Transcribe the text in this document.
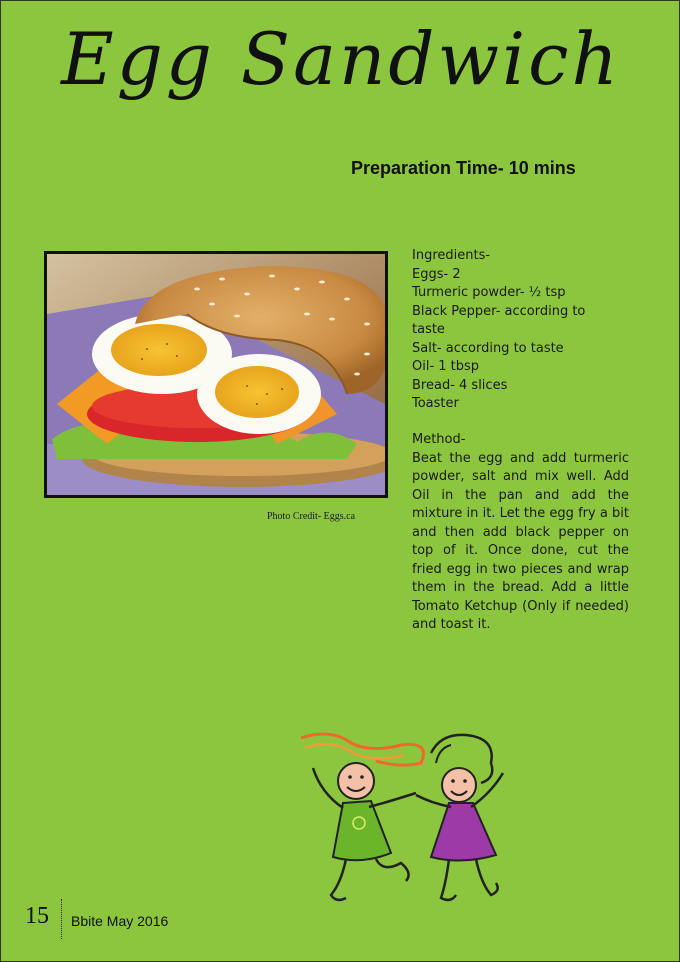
Egg Sandwich
Preparation Time- 10 mins
Photo Credit- Eggs.ca
Ingredients-
Eggs- 2
Turmeric powder- ½ tsp
Black Pepper- according to taste
Salt- according to taste
Oil- 1 tbsp
Bread- 4 slices
Toaster
Method-
Beat the egg and add turmeric powder, salt and mix well. Add Oil in the pan and add the mixture in it. Let the egg fry a bit and then add black pepper on top of it. Once done, cut the fried egg in two pieces and wrap them in the bread. Add a little Tomato Ketchup (Only if needed) and toast it.
15 Bbite May 2016
